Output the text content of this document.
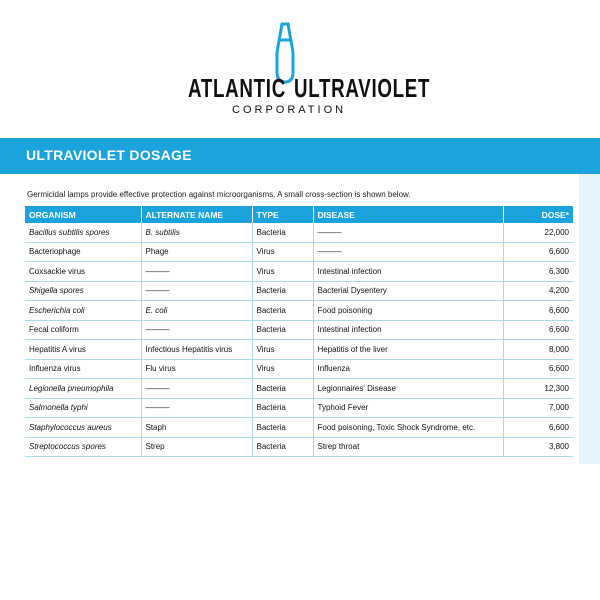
ATLANTIC ULTRAVIOLET
CORPORATION
ULTRAVIOLET DOSAGE
Germicidal lamps provide effective protection against microorganisms. A small cross-section is shown below.
ORGANISM	ALTERNATE NAME	TYPE	DISEASE	DOSE*
Bacillus subtilis spores	B. subtilis	Bacteria	———	22,000
Bacteriophage	Phage	Virus	———	6,600
Coxsackie virus	———	Virus	Intestinal infection	6,300
Shigella spores	———	Bacteria	Bacterial Dysentery	4,200
Escherichia coli	E. coli	Bacteria	Food poisoning	6,600
Fecal coliform	———	Bacteria	Intestinal infection	6,600
Hepatitis A virus	Infectious Hepatitis virus	Virus	Hepatitis of the liver	8,000
Influenza virus	Flu virus	Virus	Influenza	6,600
Legionella pneumophila	———	Bacteria	Legionnaires' Disease	12,300
Salmonella typhi	———	Bacteria	Typhoid Fever	7,000
Staphylococcus aureus	Staph	Bacteria	Food poisoning, Toxic Shock Syndrome, etc.	6,600
Streptococcus spores	Strep	Bacteria	Strep throat	3,800
